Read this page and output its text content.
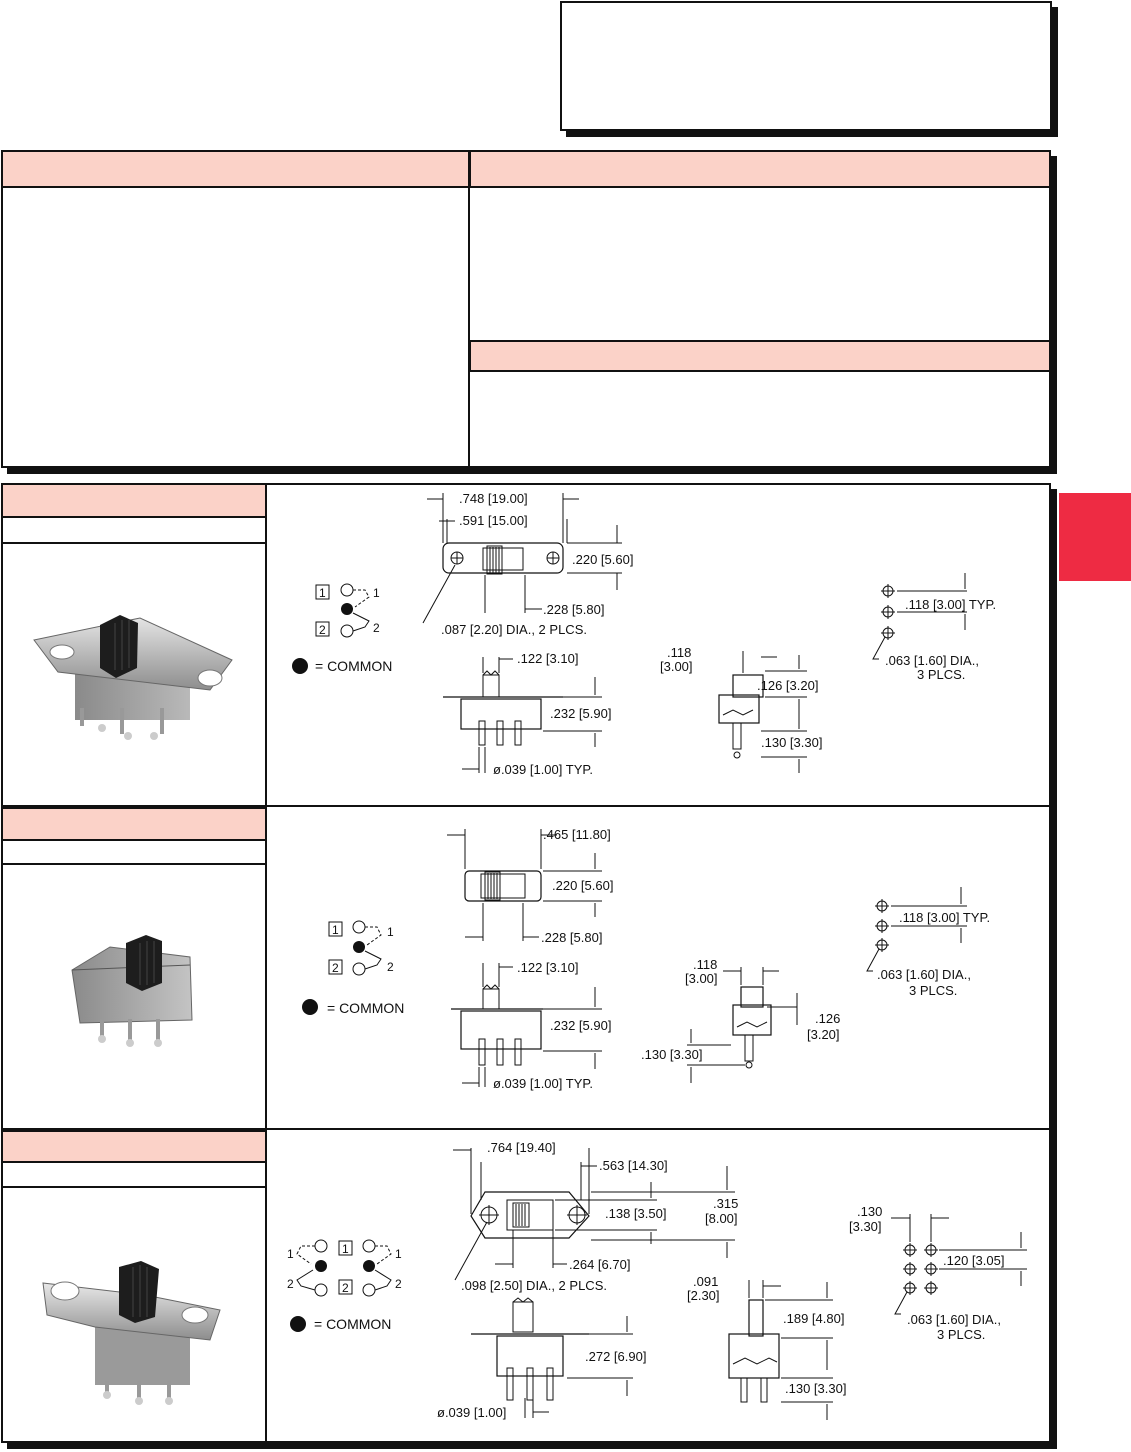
1	1
2	2
= COMMON
.748 [19.00]
.591 [15.00]
.220 [5.60]
.228 [5.80]
.087 [2.20] DIA., 2 PLCS.
.122 [3.10]
.232 [5.90]
ø.039 [1.00] TYP.
.118
[3.00]
.126 [3.20]
.130 [3.30]
.118 [3.00] TYP.
.063 [1.60] DIA.,
3 PLCS.
1	1
2	2
= COMMON
.465 [11.80]
.220 [5.60]
.228 [5.80]
.122 [3.10]
.232 [5.90]
ø.039 [1.00] TYP.
.118
[3.00]
.126
[3.20]
.130 [3.30]
.118 [3.00] TYP.
.063 [1.60] DIA.,
3 PLCS.
1
2
1
2
1
2
= COMMON
.764 [19.40]
.563 [14.30]
.138 [3.50]
.315
[8.00]
.264 [6.70]
.098 [2.50] DIA., 2 PLCS.
.272 [6.90]
ø.039 [1.00]
.091
[2.30]
.189 [4.80]
.130 [3.30]
.130
[3.30]
.120 [3.05]
.063 [1.60] DIA.,
3 PLCS.
